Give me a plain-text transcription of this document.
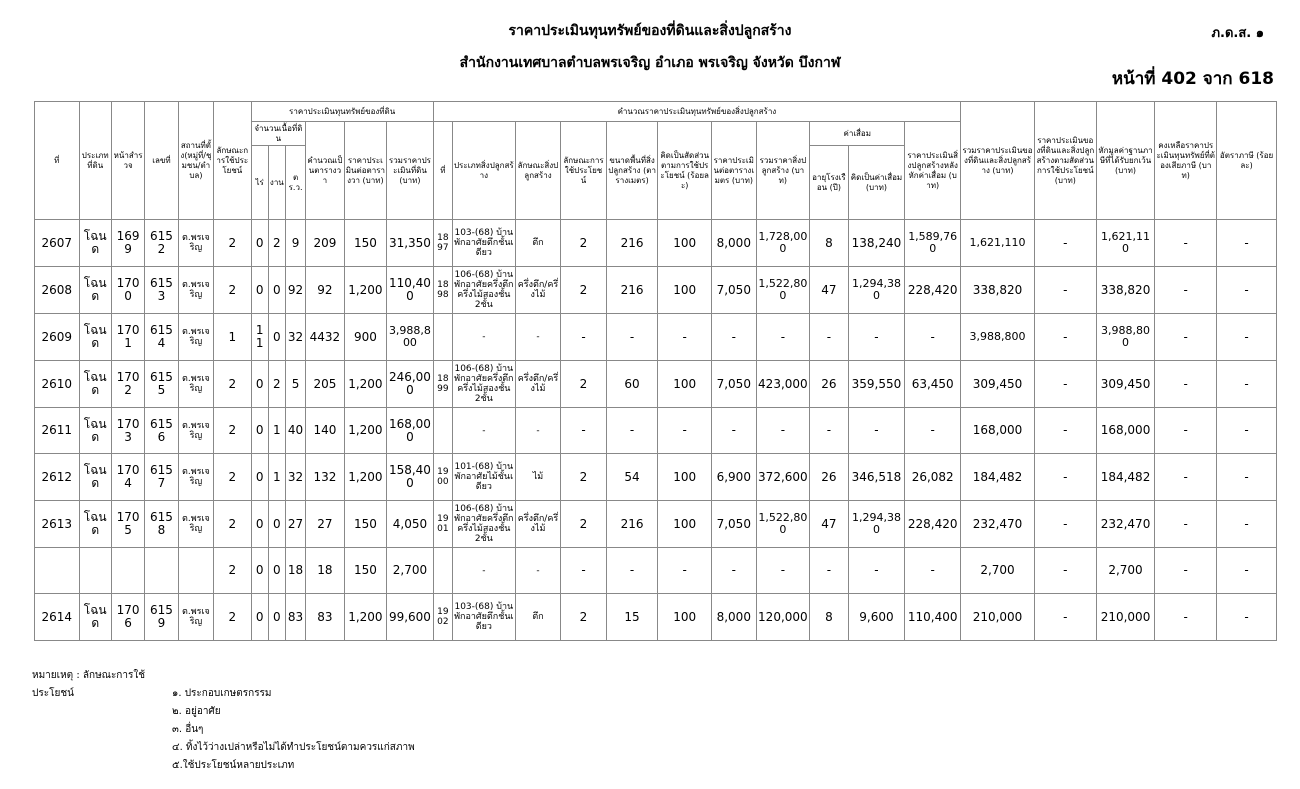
ราคาประเมินทุนทรัพย์ของที่ดินและสิ่งปลูกสร้าง
สำนักงานเทศบาลตำบลพรเจริญ อำเภอ พรเจริญ จังหวัด บึงกาฬ
ภ.ด.ส. ๑
หน้าที่ 402 จาก 618
ที่	ประเภทที่ดิน	หน้าสำรวจ	เลขที่	สถานที่ตั้ง(หมู่ที่/ชุมชน/ตำบล)	ลักษณะการใช้ประโยชน์	ราคาประเมินทุนทรัพย์ของที่ดิน						คำนวณราคาประเมินทุนทรัพย์ของสิ่งปลูกสร้าง											รวมราคาประเมินของที่ดินและสิ่งปลูกสร้าง (บาท)	ราคาประเมินของที่ดินและสิ่งปลูกสร้างตามสัดส่วนการใช้ประโยชน์ (บาท)	หักมูลค่าฐานภาษีที่ได้รับยกเว้น (บาท)	คงเหลือราคาประเมินทุนทรัพย์ที่ต้องเสียภาษี (บาท)	อัตราภาษี (ร้อยละ)
						จำนวนเนื้อที่ดิน			คำนวณเป็นตารางวา	ราคาประเมินต่อตารางวา (บาท)	รวมราคาประเมินที่ดิน (บาท)	ที่	ประเภทสิ่งปลูกสร้าง	ลักษณะสิ่งปลูกสร้าง	ลักษณะการใช้ประโยชน์	ขนาดพื้นที่สิ่งปลูกสร้าง (ตารางเมตร)	คิดเป็นสัดส่วนตามการใช้ประโยชน์ (ร้อยละ)	ราคาประเมินต่อตารางเมตร (บาท)	รวมราคาสิ่งปลูกสร้าง (บาท)	ค่าเสื่อม		ราคาประเมินสิ่งปลูกสร้างหลังหักค่าเสื่อม (บาท)					
						ไร่	งาน	ตร.ว.												อายุโรงเรือน (ปี)	คิดเป็นค่าเสื่อม (บาท)						
2607	โฉนด	1699	6152	ต.พรเจริญ	2	0	2	9	209	150	31,350	1897	103-(68) บ้านพักอาศัยตึกชั้นเดียว	ตึก	2	216	100	8,000	1,728,000	8	138,240	1,589,760	1,621,110	-	1,621,110	-	-
2608	โฉนด	1700	6153	ต.พรเจริญ	2	0	0	92	92	1,200	110,400	1898	106-(68) บ้านพักอาศัยครึ่งตึกครึ่งไม้สองชั้น 2ชั้น	ครึ่งตึก/ครึ่งไม้	2	216	100	7,050	1,522,800	47	1,294,380	228,420	338,820	-	338,820	-	-
2609	โฉนด	1701	6154	ต.พรเจริญ	1	11	0	32	4432	900	3,988,800		-	-	-	-	-	-	-	-	-	-	3,988,800	-	3,988,800	-	-
2610	โฉนด	1702	6155	ต.พรเจริญ	2	0	2	5	205	1,200	246,000	1899	106-(68) บ้านพักอาศัยครึ่งตึกครึ่งไม้สองชั้น 2ชั้น	ครึ่งตึก/ครึ่งไม้	2	60	100	7,050	423,000	26	359,550	63,450	309,450	-	309,450	-	-
2611	โฉนด	1703	6156	ต.พรเจริญ	2	0	1	40	140	1,200	168,000		-	-	-	-	-	-	-	-	-	-	168,000	-	168,000	-	-
2612	โฉนด	1704	6157	ต.พรเจริญ	2	0	1	32	132	1,200	158,400	1900	101-(68) บ้านพักอาศัยไม้ชั้นเดียว	ไม้	2	54	100	6,900	372,600	26	346,518	26,082	184,482	-	184,482	-	-
2613	โฉนด	1705	6158	ต.พรเจริญ	2	0	0	27	27	150	4,050	1901	106-(68) บ้านพักอาศัยครึ่งตึกครึ่งไม้สองชั้น 2ชั้น	ครึ่งตึก/ครึ่งไม้	2	216	100	7,050	1,522,800	47	1,294,380	228,420	232,470	-	232,470	-	-
					2	0	0	18	18	150	2,700		-	-	-	-	-	-	-	-	-	-	2,700	-	2,700	-	-
2614	โฉนด	1706	6159	ต.พรเจริญ	2	0	0	83	83	1,200	99,600	1902	103-(68) บ้านพักอาศัยตึกชั้นเดียว	ตึก	2	15	100	8,000	120,000	8	9,600	110,400	210,000	-	210,000	-	-
หมายเหตุ : ลักษณะการใช้ประโยชน์	๑. ประกอบเกษตรกรรม
๒. อยู่อาศัย
๓. อื่นๆ
๔. ทิ้งไว้ว่างเปล่าหรือไม่ได้ทำประโยชน์ตามควรแก่สภาพ
๕.ใช้ประโยชน์หลายประเภท
